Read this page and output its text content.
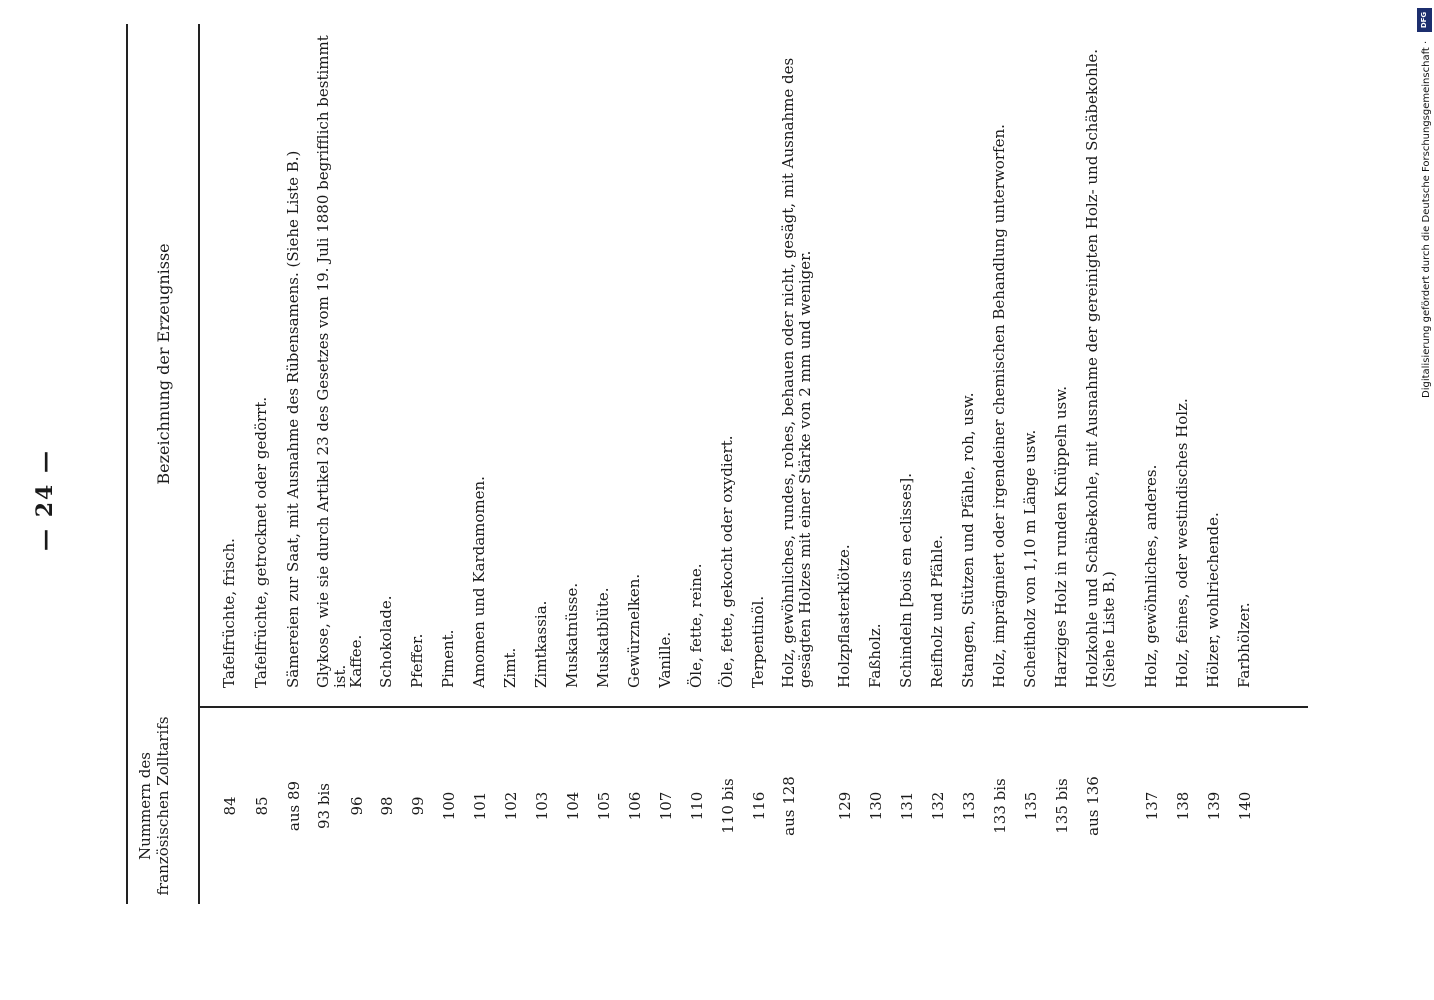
— 24 —
Nummern des französischen Zolltarifs
Bezeichnung der Erzeugnisse
84
Tafelfrüchte, frisch.
85
Tafelfrüchte, getrocknet oder gedörrt.
aus 89
Sämereien zur Saat, mit Ausnahme des Rübensamens. (Siehe Liste B.)
93 bis
Glykose, wie sie durch Artikel 23 des Gesetzes vom 19. Juli 1880 begrifflich bestimmt ist.
96
Kaffee.
98
Schokolade.
99
Pfeffer.
100
Piment.
101
Amomen und Kardamomen.
102
Zimt.
103
Zimtkassia.
104
Muskatnüsse.
105
Muskatblüte.
106
Gewürznelken.
107
Vanille.
110
Öle, fette, reine.
110 bis
Öle, fette, gekocht oder oxydiert.
116
Terpentinöl.
aus 128
Holz, gewöhnliches, rundes, rohes, behauen oder nicht, gesägt, mit Ausnahme des gesägten Holzes mit einer Stärke von 2 mm und weniger.
129
Holzpflasterklötze.
130
Faßholz.
131
Schindeln [bois en eclisses].
132
Reifholz und Pfähle.
133
Stangen, Stützen und Pfähle, roh, usw.
133 bis
Holz, imprägniert oder irgendeiner chemischen Behandlung unterworfen.
135
Scheitholz von 1,10 m Länge usw.
135 bis
Harziges Holz in runden Knüppeln usw.
aus 136
Holzkohle und Schäbekohle, mit Ausnahme der gereinigten Holz- und Schäbekohle. (Siehe Liste B.)
137
Holz, gewöhnliches, anderes.
138
Holz, feines, oder westindisches Holz.
139
Hölzer, wohlriechende.
140
Farbhölzer.
Digitalisierung gefördert durch die Deutsche Forschungsgemeinschaft ·
DFG
